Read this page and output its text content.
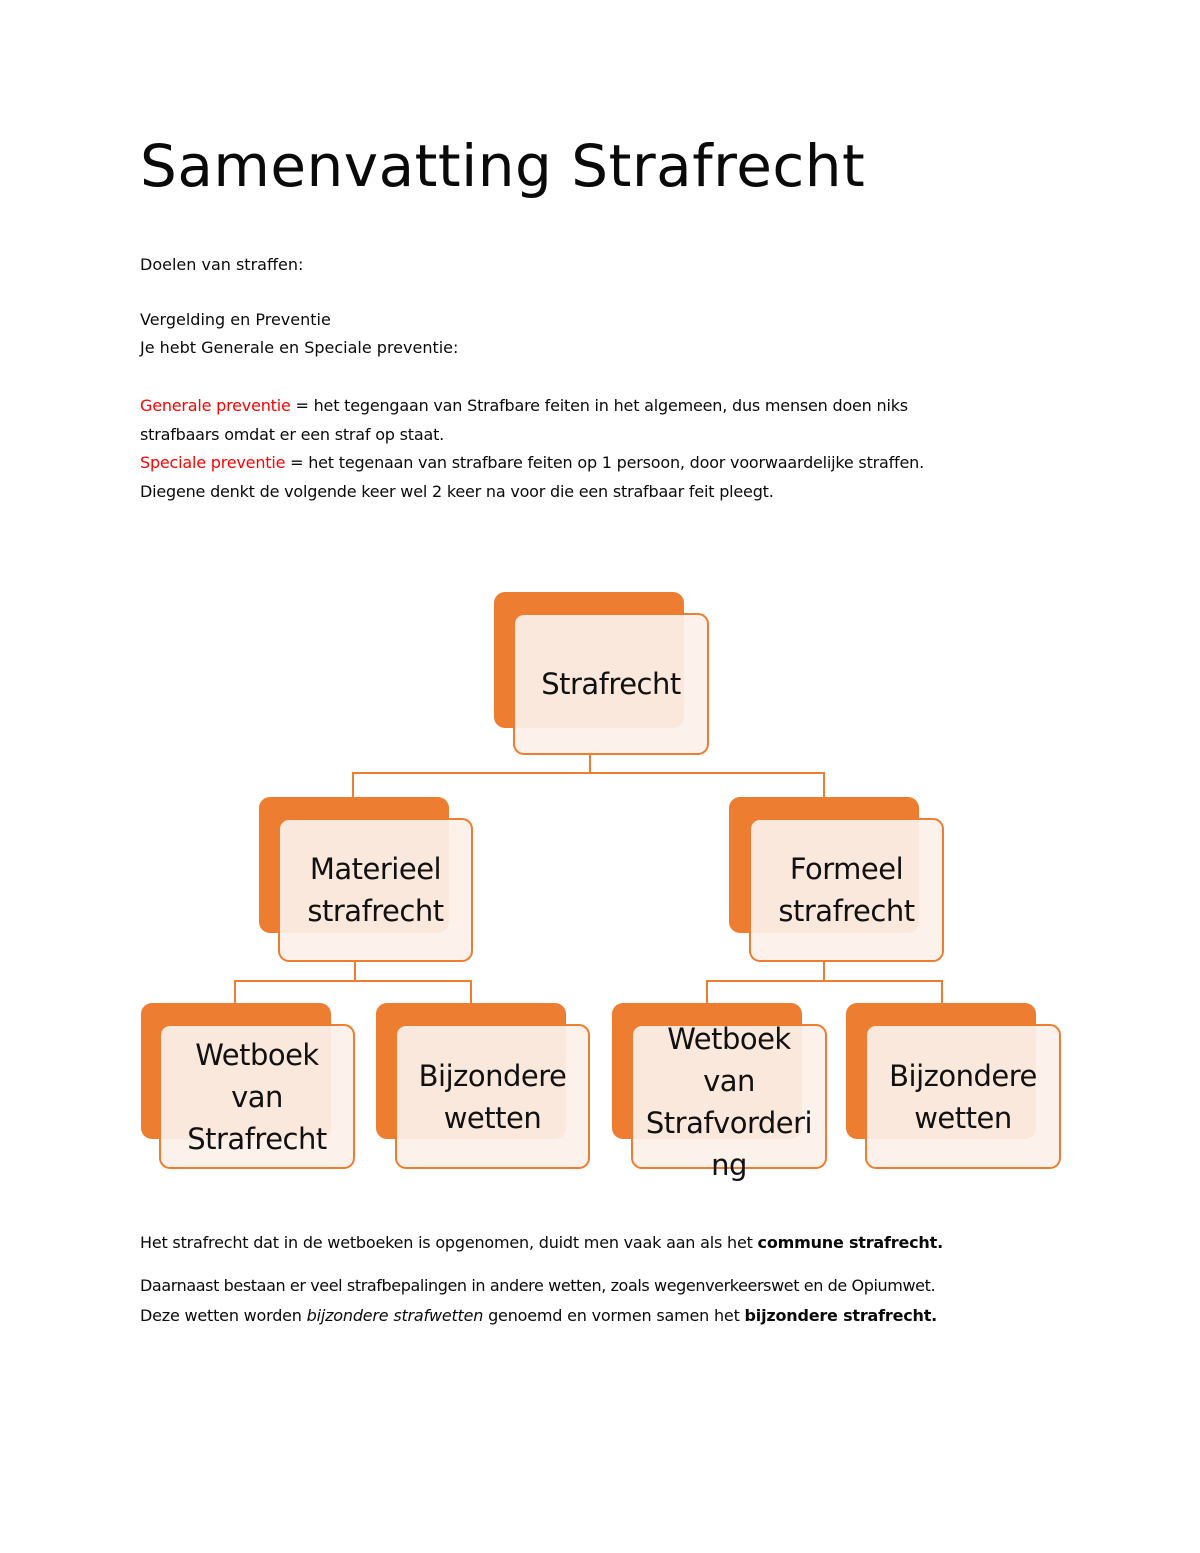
Samenvatting Strafrecht

Doelen van straffen:

Vergelding en Preventie

Je hebt Generale en Speciale preventie:

Generale preventie = het tegengaan van Strafbare feiten in het algemeen, dus mensen doen niks

strafbaars omdat er een straf op staat.

Speciale preventie = het tegenaan van strafbare feiten op 1 persoon, door voorwaardelijke straffen.

Diegene denkt de volgende keer wel 2 keer na voor die een strafbaar feit pleegt.

Strafrecht
Materieel
strafrecht
Formeel
strafrecht
Wetboek
van
Strafrecht
Bijzondere
wetten
Wetboek
van
Strafvorderi
ng
Bijzondere
wetten

Het strafrecht dat in de wetboeken is opgenomen, duidt men vaak aan als het commune strafrecht.

Daarnaast bestaan er veel strafbepalingen in andere wetten, zoals wegenverkeerswet en de Opiumwet.

Deze wetten worden bijzondere strafwetten genoemd en vormen samen het bijzondere strafrecht.
